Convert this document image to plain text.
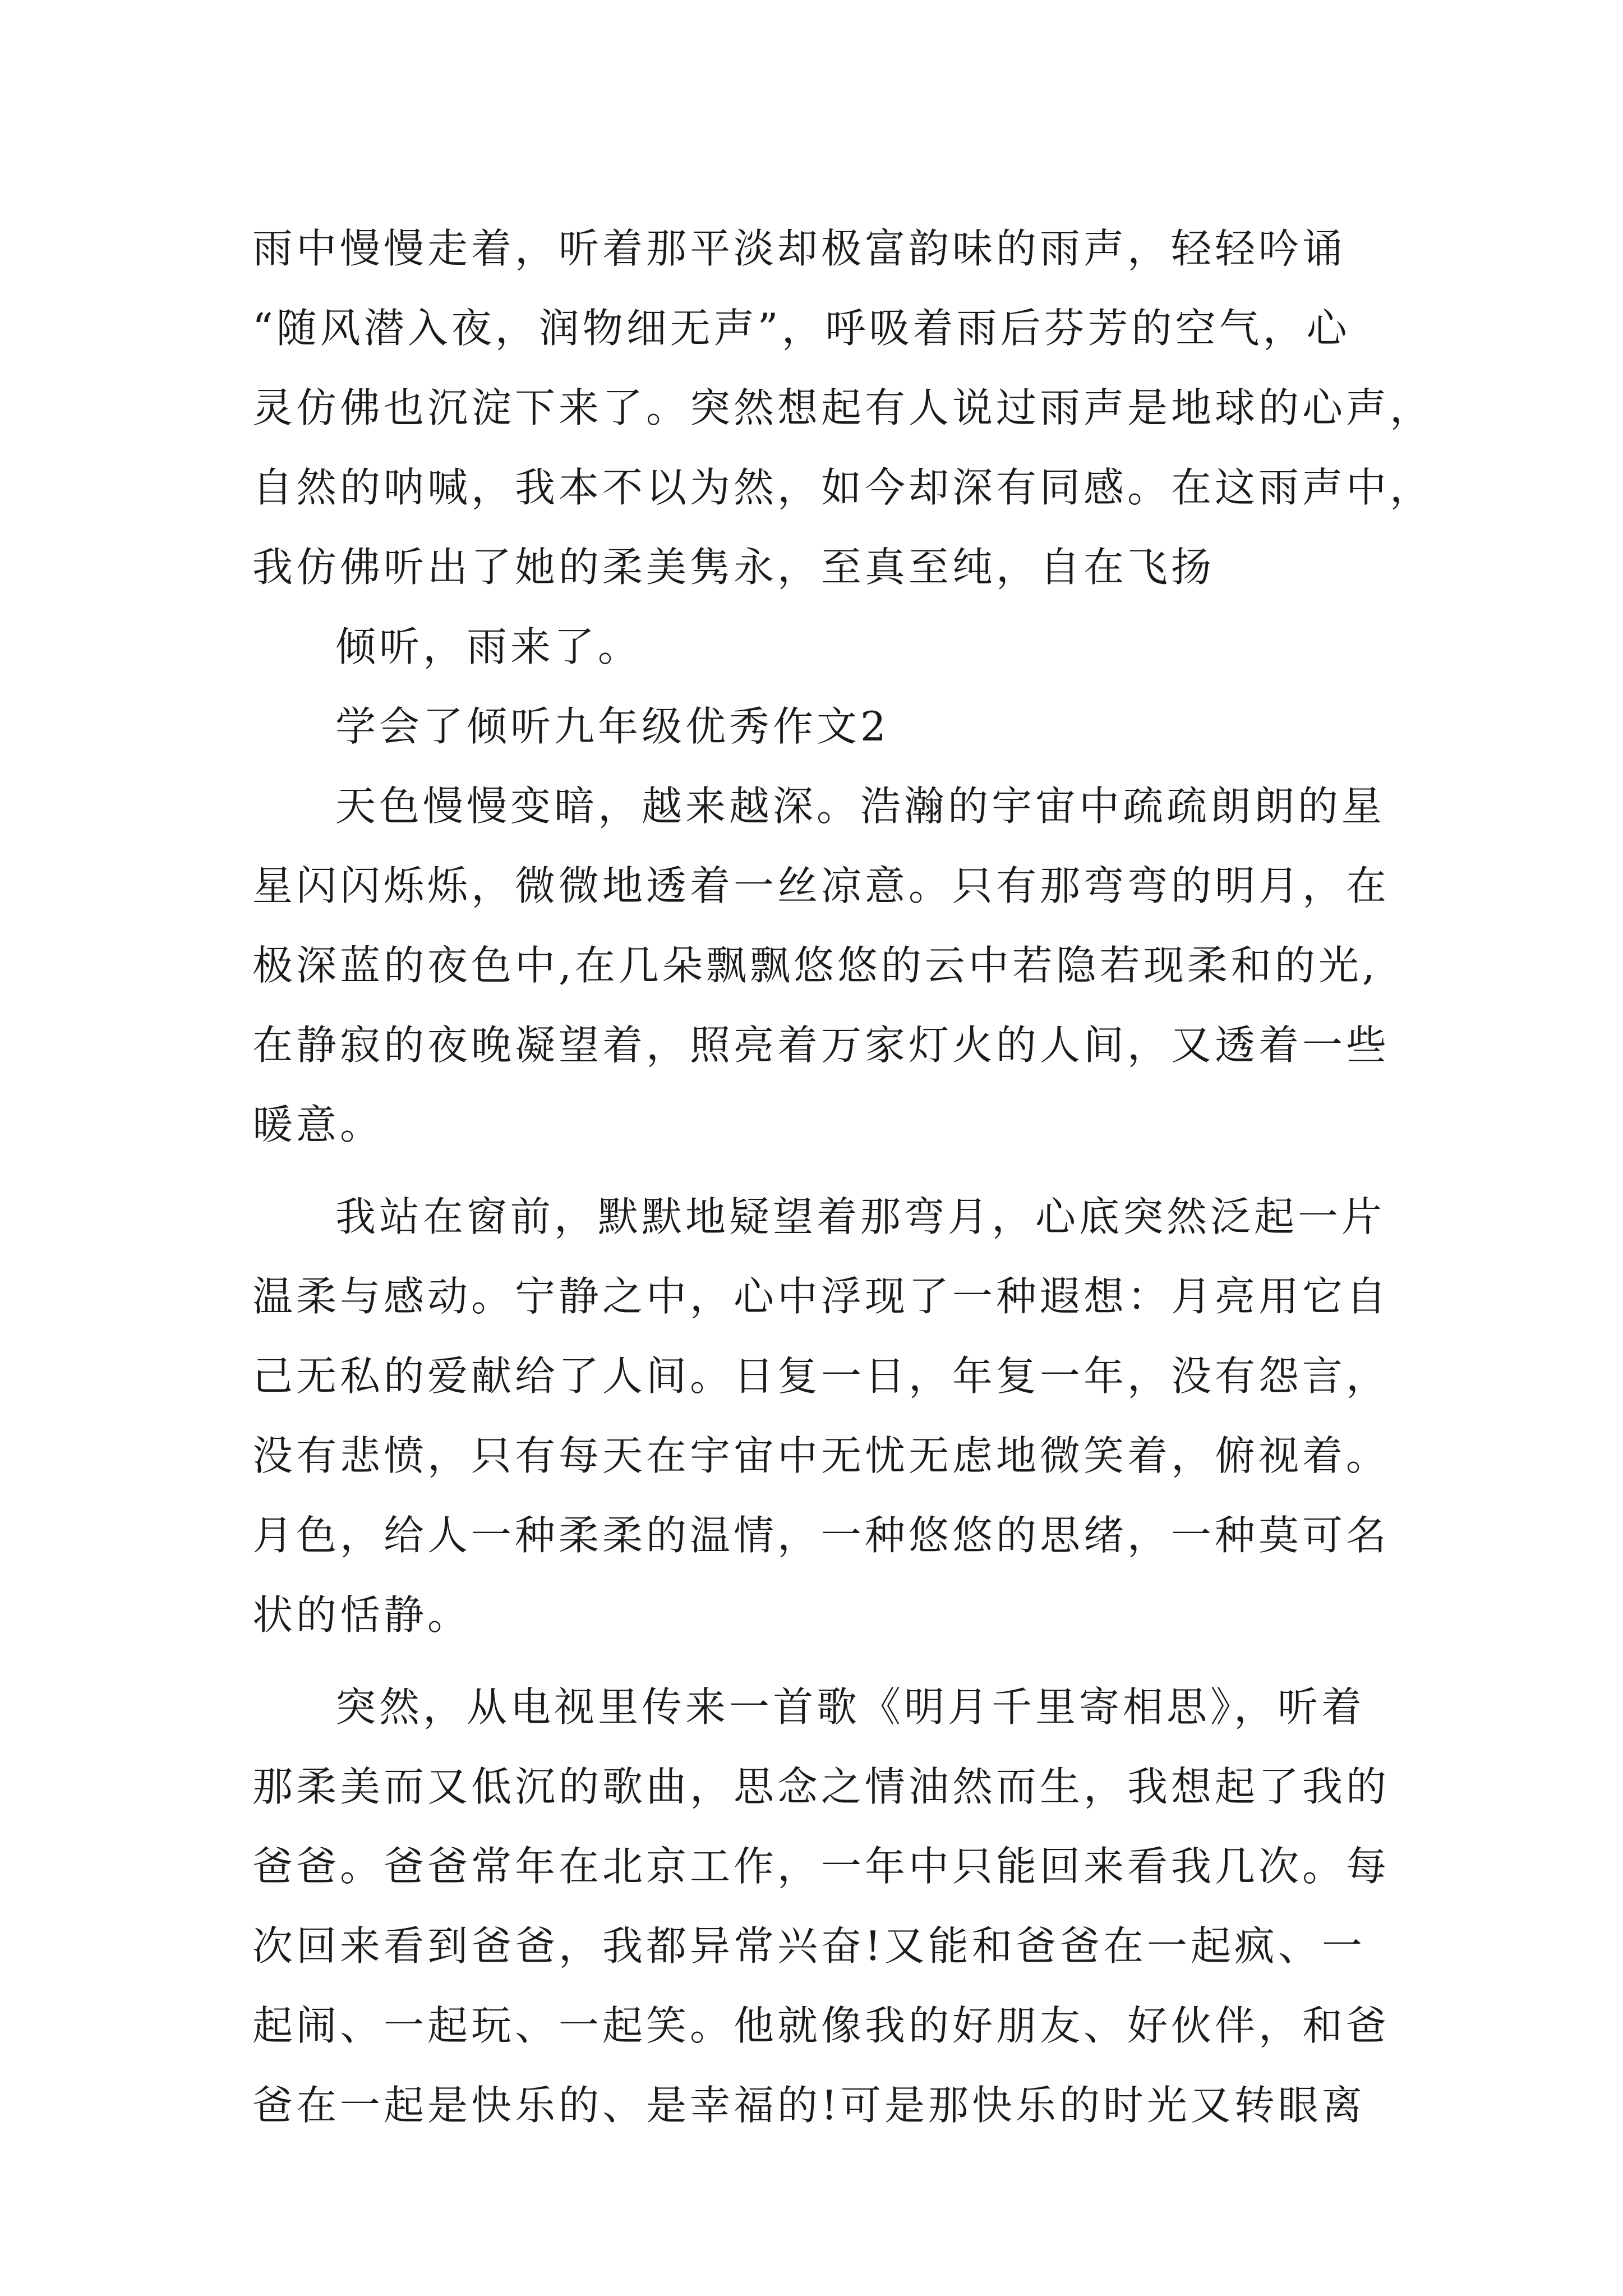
雨中慢慢走着，听着那平淡却极富韵味的雨声，轻轻吟诵
“随风潜入夜，润物细无声”，呼吸着雨后芬芳的空气，心
灵仿佛也沉淀下来了。突然想起有人说过雨声是地球的心声，
自然的呐喊，我本不以为然，如今却深有同感。在这雨声中，
我仿佛听出了她的柔美隽永，至真至纯，自在飞扬
倾听，雨来了。
学会了倾听九年级优秀作文2
天色慢慢变暗，越来越深。浩瀚的宇宙中疏疏朗朗的星
星闪闪烁烁，微微地透着一丝凉意。只有那弯弯的明月，在
极深蓝的夜色中,在几朵飘飘悠悠的云中若隐若现柔和的光,
在静寂的夜晚凝望着，照亮着万家灯火的人间，又透着一些
暖意。
我站在窗前，默默地疑望着那弯月，心底突然泛起一片
温柔与感动。宁静之中，心中浮现了一种遐想：月亮用它自
己无私的爱献给了人间。日复一日，年复一年，没有怨言，
没有悲愤，只有每天在宇宙中无忧无虑地微笑着，俯视着。
月色，给人一种柔柔的温情，一种悠悠的思绪，一种莫可名
状的恬静。
突然，从电视里传来一首歌《明月千里寄相思》，听着
那柔美而又低沉的歌曲，思念之情油然而生，我想起了我的
爸爸。爸爸常年在北京工作，一年中只能回来看我几次。每
次回来看到爸爸，我都异常兴奋!又能和爸爸在一起疯、一
起闹、一起玩、一起笑。他就像我的好朋友、好伙伴，和爸
爸在一起是快乐的、是幸福的!可是那快乐的时光又转眼离
